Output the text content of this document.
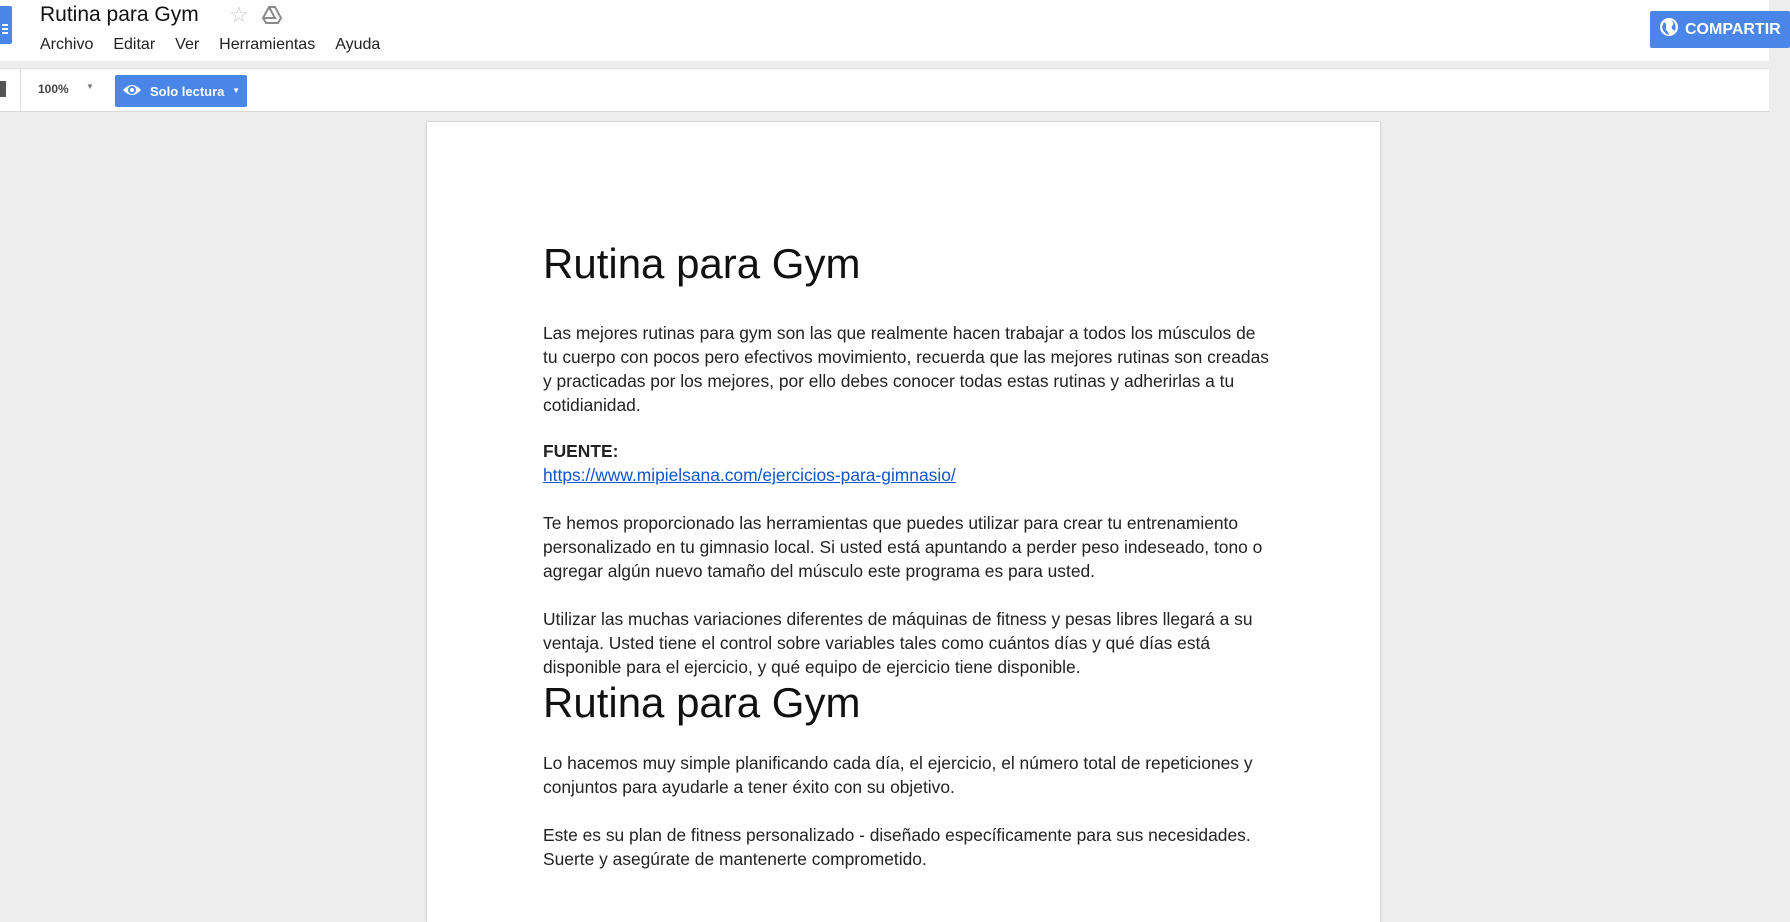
Rutina para Gym ☆
Archivo Editar Ver Herramientas Ayuda
COMPARTIR
100% ▼	Solo lectura ▼
Rutina para Gym

Las mejores rutinas para gym son las que realmente hacen trabajar a todos los músculos de tu cuerpo con pocos pero efectivos movimiento, recuerda que las mejores rutinas son creadas y practicadas por los mejores, por ello debes conocer todas estas rutinas y adherirlas a tu cotidianidad.

FUENTE:

https://www.mipielsana.com/ejercicios-para-gimnasio/

Te hemos proporcionado las herramientas que puedes utilizar para crear tu entrenamiento personalizado en tu gimnasio local. Si usted está apuntando a perder peso indeseado, tono o agregar algún nuevo tamaño del músculo este programa es para usted.

Utilizar las muchas variaciones diferentes de máquinas de fitness y pesas libres llegará a su ventaja. Usted tiene el control sobre variables tales como cuántos días y qué días está disponible para el ejercicio, y qué equipo de ejercicio tiene disponible.

Rutina para Gym

Lo hacemos muy simple planificando cada día, el ejercicio, el número total de repeticiones y conjuntos para ayudarle a tener éxito con su objetivo.

Este es su plan de fitness personalizado - diseñado específicamente para sus necesidades. Suerte y asegúrate de mantenerte comprometido.
